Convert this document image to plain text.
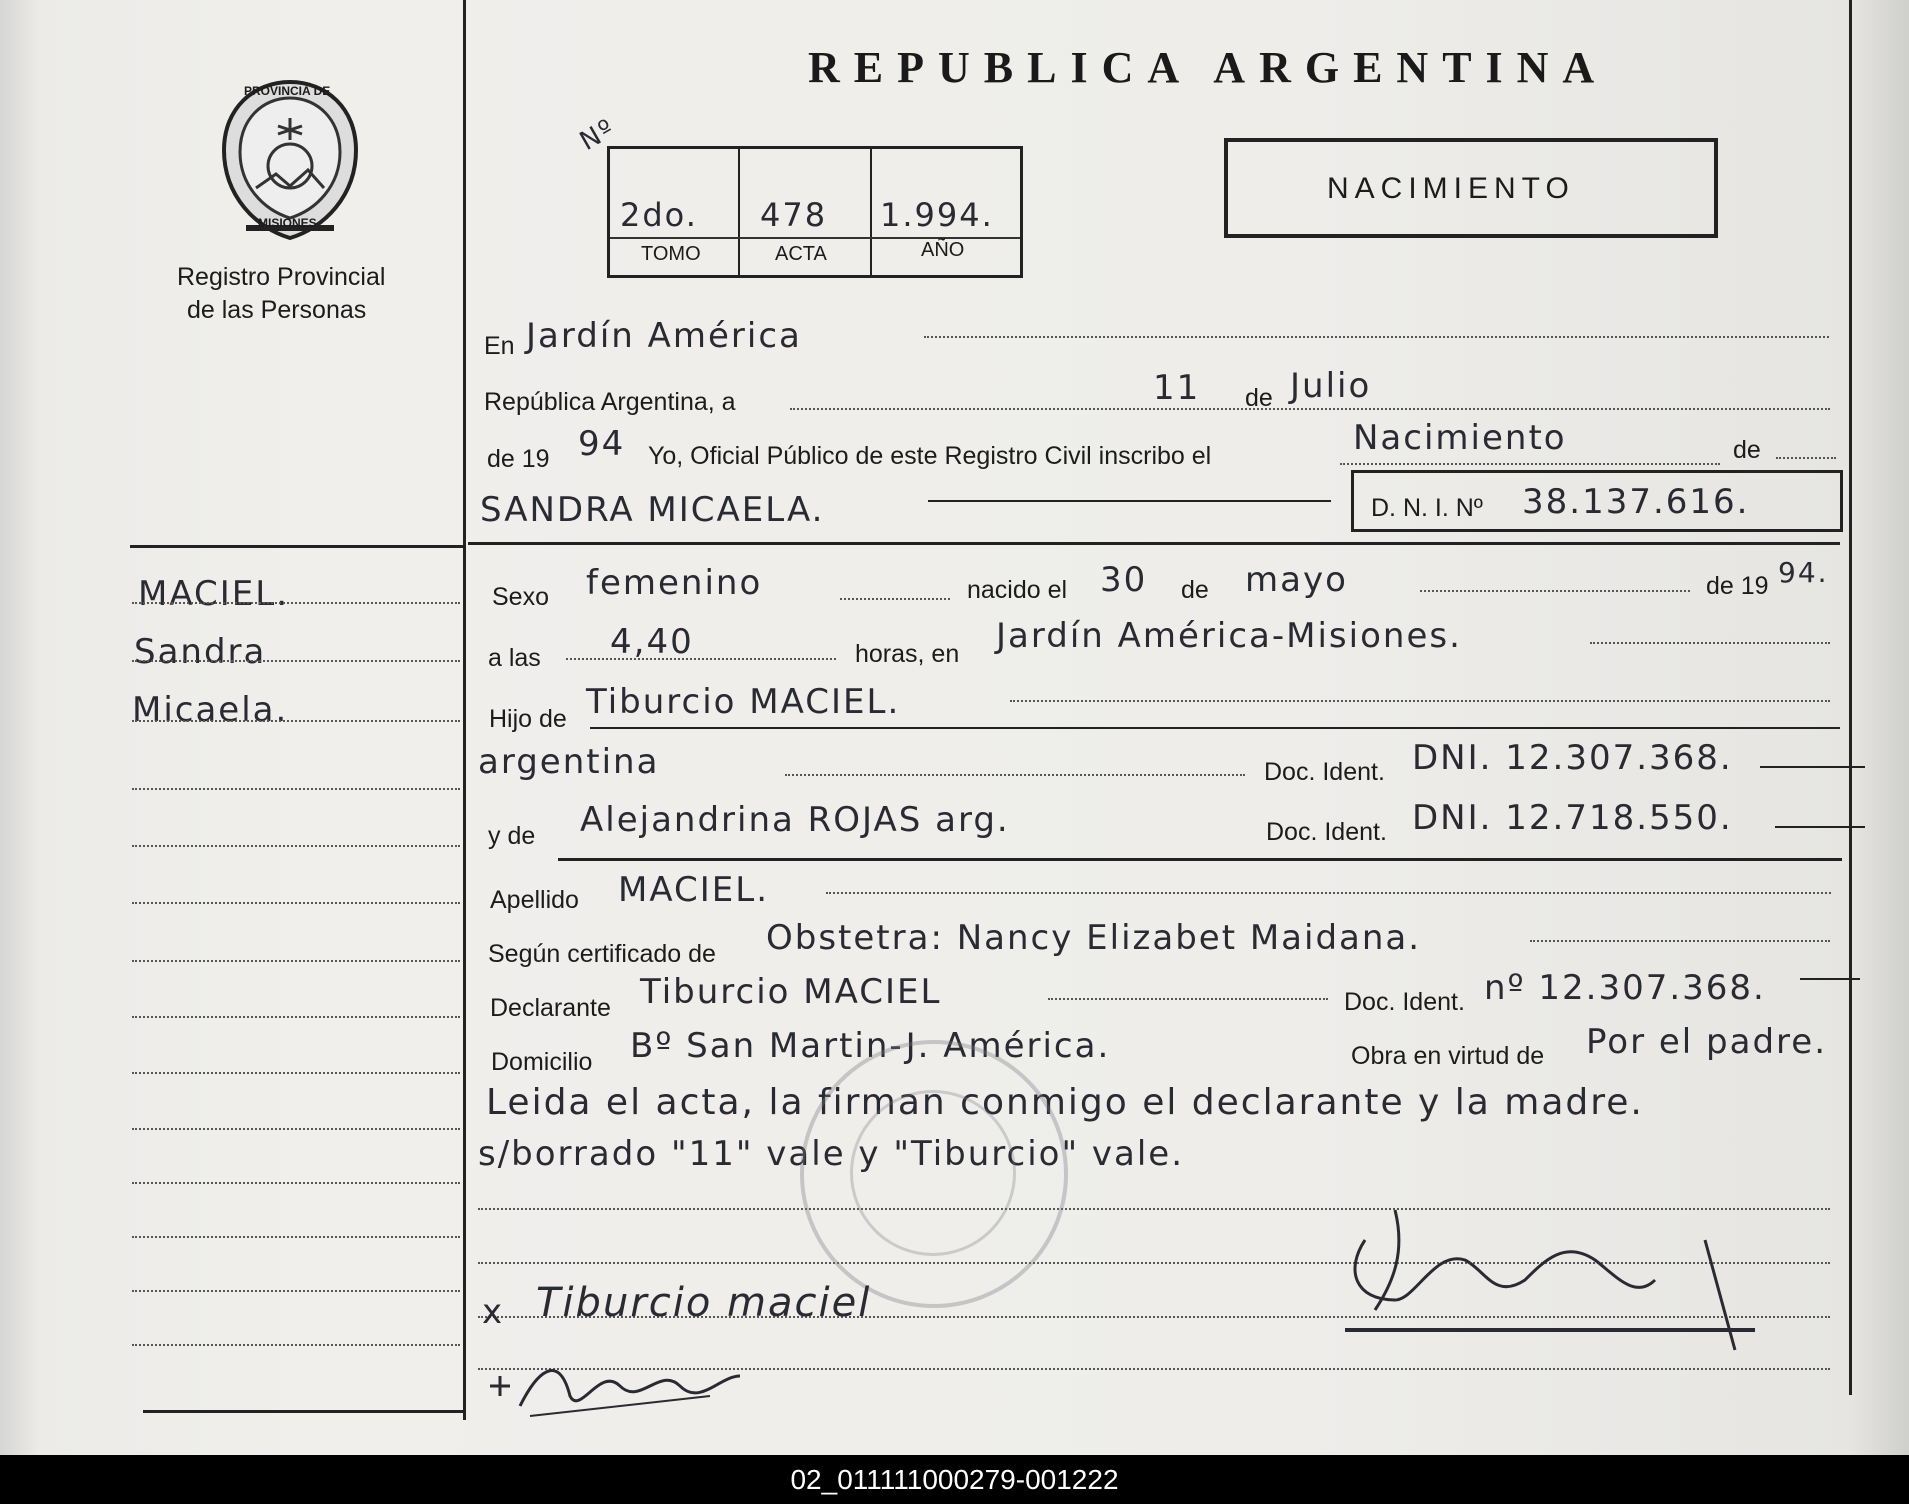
PROVINCIA DE
MISIONES
Registro Provincial
de las Personas
REPUBLICA ARGENTINA
Nº
2do. 478 1.994.
TOMO	ACTA	AÑO
NACIMIENTO
En Jardín América
República Argentina, a	11 de Julio
de 19 94 Yo, Oficial Público de este Registro Civil inscribo el	Nacimiento	de
SANDRA MICAELA.	D. N. I. Nº 38.137.616.
Sexo femenino	nacido el 30 de mayo	de 19 94.
a las 4,40	horas, en Jardín América-Misiones.
Hijo de Tiburcio MACIEL.
argentina	Doc. Ident. DNI. 12.307.368.
y de Alejandrina ROJAS arg.	Doc. Ident. DNI. 12.718.550.
Apellido MACIEL.
Según certificado de Obstetra: Nancy Elizabet Maidana.
Declarante Tiburcio MACIEL	Doc. Ident. nº 12.307.368.
Domicilio Bº San Martin-J. América.	Obra en virtud de Por el padre.
Leida el acta, la firman conmigo el declarante y la madre.
s/borrado "11" vale y "Tiburcio" vale.
x Tiburcio maciel
MACIEL.
Sandra
Micaela.
02_011111000279-001222
